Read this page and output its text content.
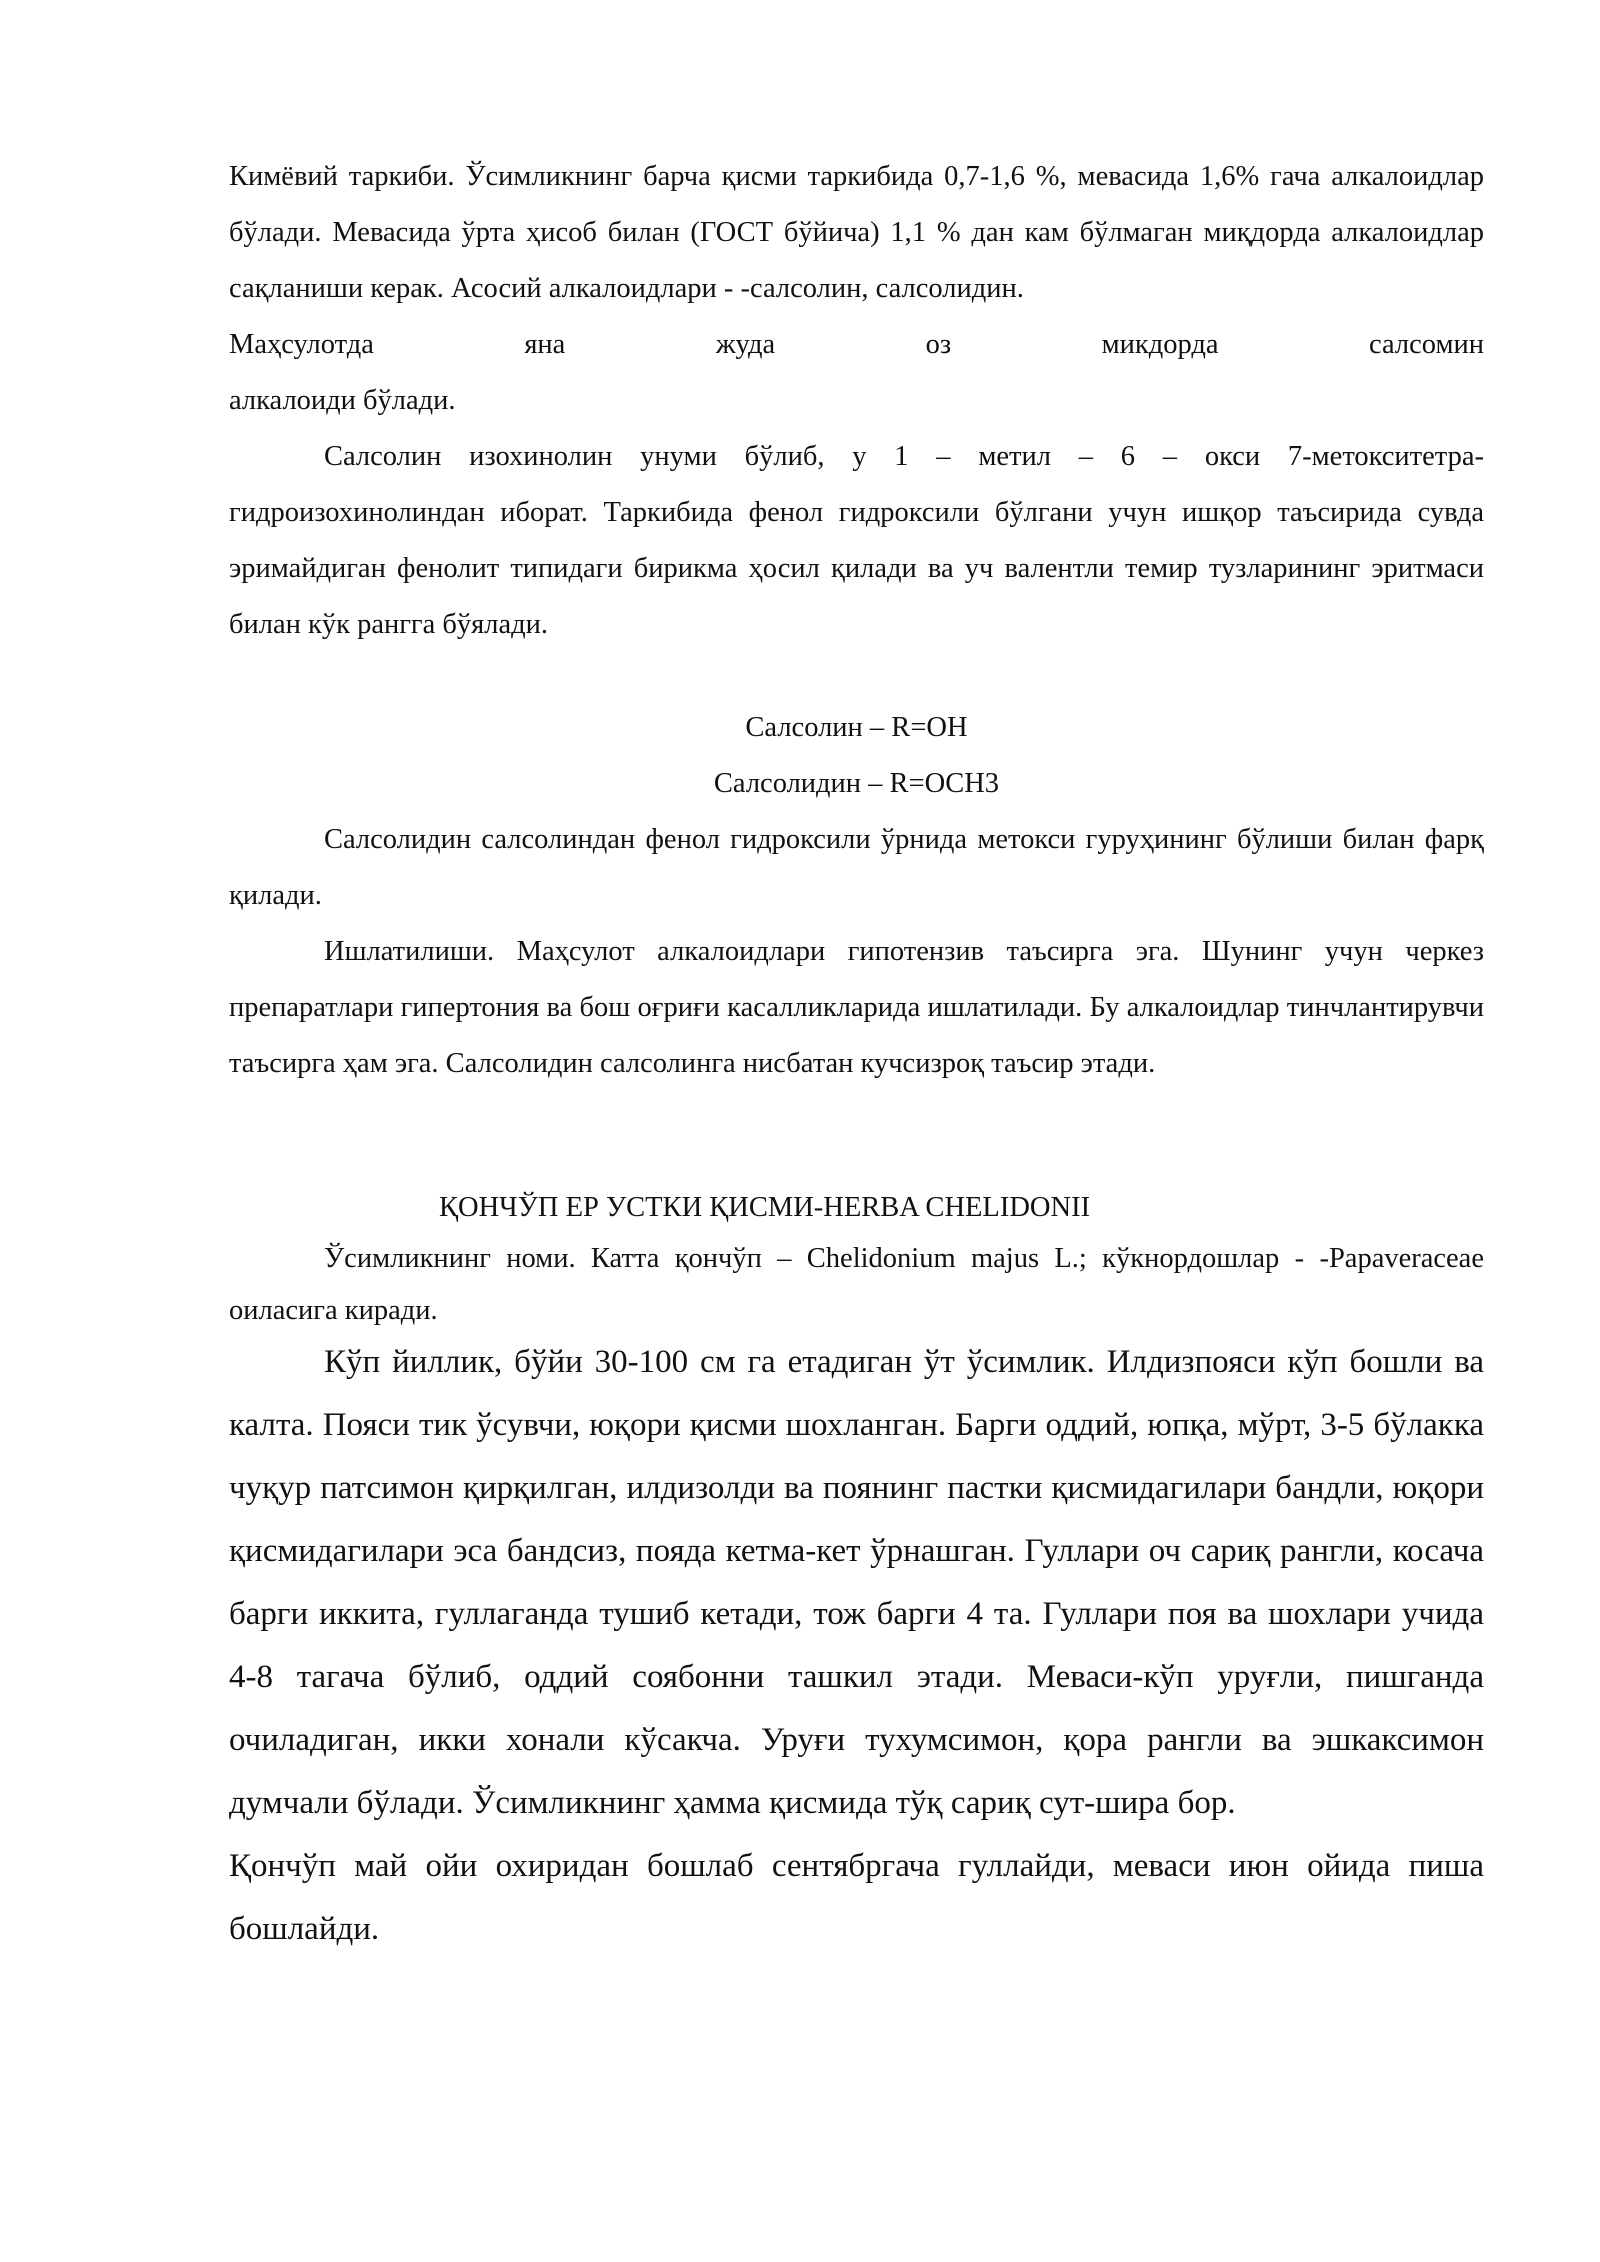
Кимёвий таркиби. Ўсимликнинг барча қисми таркибида 0,7-1,6 %, мевасида 1,6% гача алкалоидлар бўлади. Мевасида ўрта ҳисоб билан (ГОСТ бўйича) 1,1 % дан кам бўлмаган миқдорда алкалоидлар сақланиши керак. Асосий алкалоидлари - -салсолин, салсолидин.

Маҳсулотда яна жуда оз микдорда салсомин

алкалоиди бўлади.

Салсолин изохинолин унуми бўлиб, у 1 – метил – 6 – окси 7-метокситетра-гидроизохинолиндан иборат. Таркибида фенол гидроксили бўлгани учун ишқор таъсирида сувда эримайдиган фенолит типидаги бирикма ҳосил қилади ва уч валентли темир тузларининг эритмаси билан кўк рангга бўялади.

Салсолин – R=OH

Салсолидин – R=OCH3

Салсолидин салсолиндан фенол гидроксили ўрнида метокси гуруҳининг бўлиши билан фарқ қилади.

Ишлатилиши. Маҳсулот алкалоидлари гипотензив таъсирга эга. Шунинг учун черкез препаратлари гипертония ва бош оғриғи касалликларида ишлатилади. Бу алкалоидлар тинчлантирувчи таъсирга ҳам эга. Салсолидин салсолинга нисбатан кучсизроқ таъсир этади.

ҚОНЧЎП ЕР УСТКИ ҚИСМИ-HERBA CHELIDONII

Ўсимликнинг номи. Катта қончўп – Chelidonium majus L.; кўкнордошлар - -Papaveraceae оиласига киради.

Кўп йиллик, бўйи 30-100 см га етадиган ўт ўсимлик. Илдизпояси кўп бошли ва калта. Пояси тик ўсувчи, юқори қисми шохланган. Барги оддий, юпқа, мўрт, 3-5 бўлакка чуқур патсимон қирқилган, илдизолди ва поянинг пастки қисмидагилари бандли, юқори қисмидагилари эса бандсиз, пояда кетма-кет ўрнашган. Гуллари оч сариқ рангли, косача барги иккита, гуллаганда тушиб кетади, тож барги 4 та. Гуллари поя ва шохлари учида 4-8 тагача бўлиб, оддий соябонни ташкил этади. Меваси-кўп уруғли, пишганда очиладиган, икки хонали кўсакча. Уруғи тухумсимон, қора рангли ва эшкаксимон думчали бўлади. Ўсимликнинг ҳамма қисмида тўқ сариқ сут-шира бор.

Қончўп май ойи охиридан бошлаб сентябргача гуллайди, меваси июн ойида пиша бошлайди.
